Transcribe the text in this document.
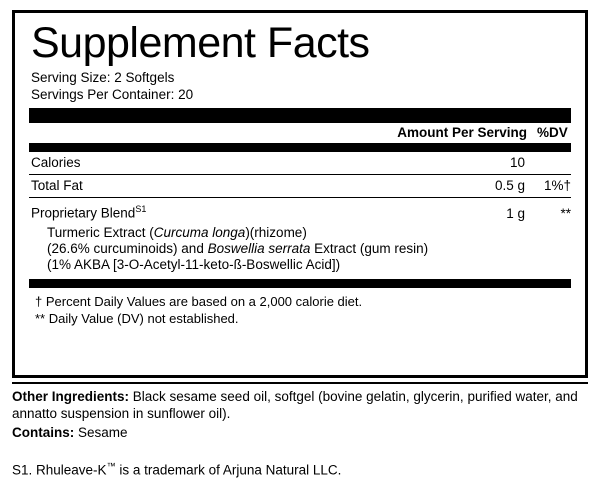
Supplement Facts
Serving Size: 2 Softgels
Servings Per Container: 20
Amount Per Serving %DV
Calories	10
Total Fat	0.5 g	1%†
Proprietary Blend$^{S1}$	1 g	**
Turmeric Extract (Curcuma longa)(rhizome)
(26.6% curcuminoids) and Boswellia serrata Extract (gum resin)
(1% AKBA [3-O-Acetyl-11-keto-ß-Boswellic Acid])
† Percent Daily Values are based on a 2,000 calorie diet.
** Daily Value (DV) not established.
Other Ingredients: Black sesame seed oil, softgel (bovine gelatin, glycerin, purified water, and annatto suspension in sunflower oil).
Contains: Sesame
S1. Rhuleave-K™ is a trademark of Arjuna Natural LLC.
